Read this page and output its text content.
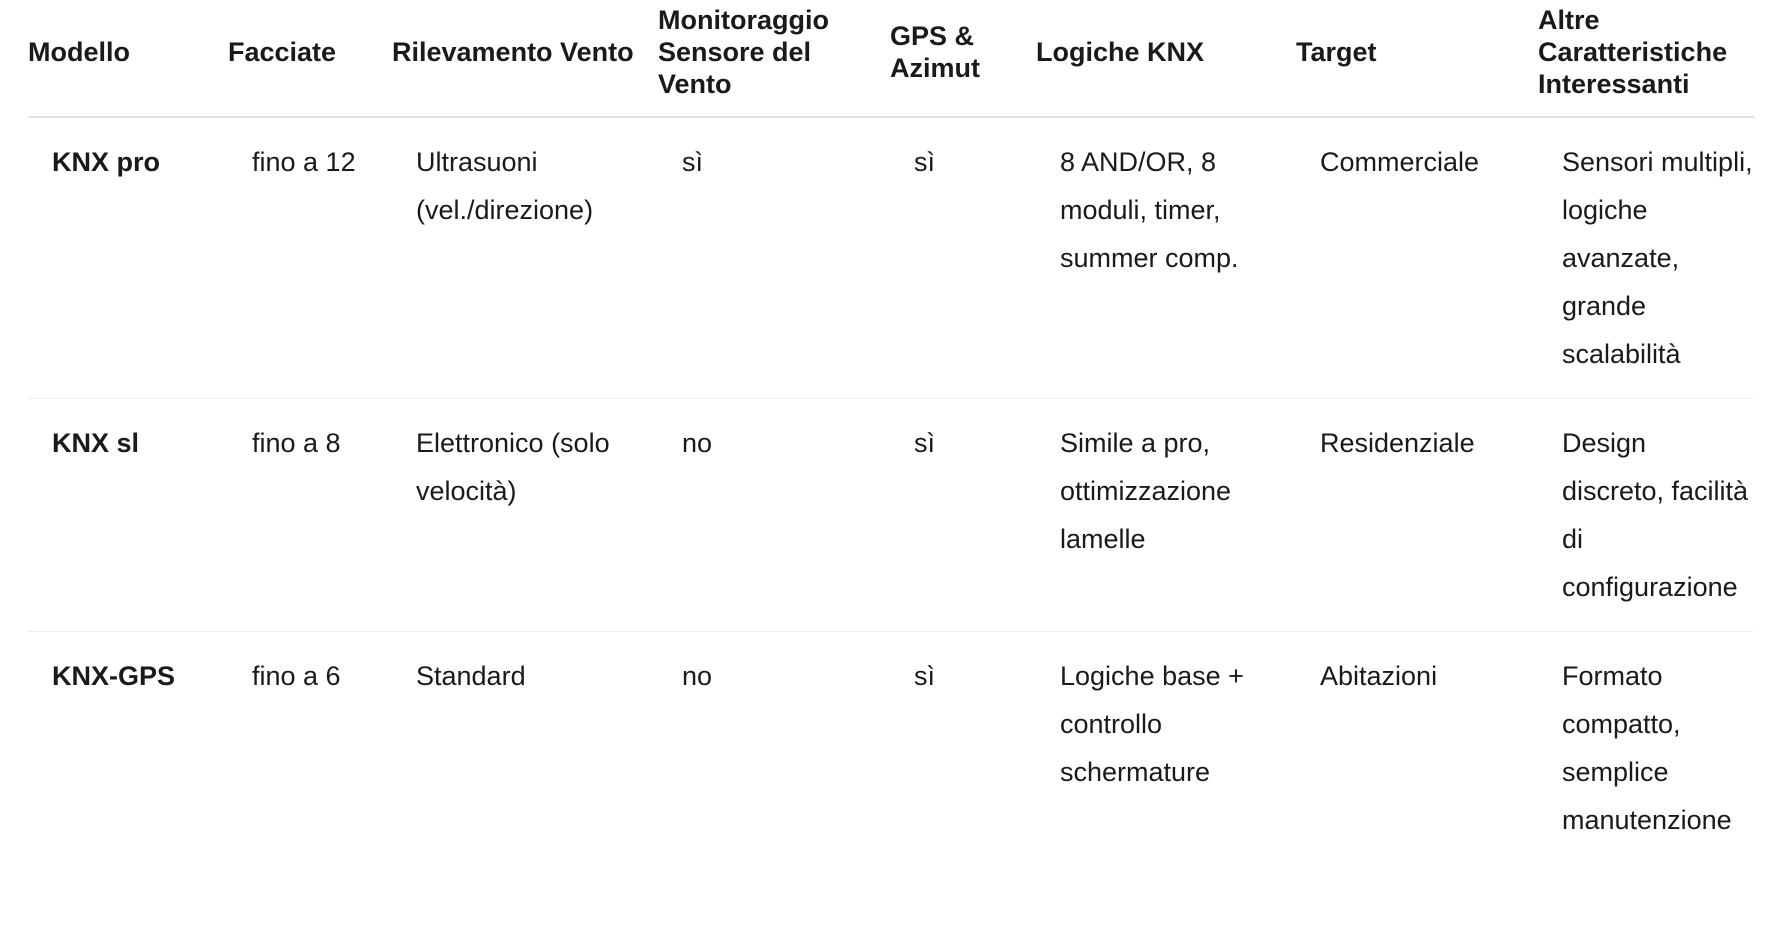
Modello	Facciate	Rilevamento Vento	Monitoraggio Sensore del Vento	GPS & Azimut	Logiche KNX	Target	Altre Caratteristiche Interessanti
KNX pro	fino a 12	Ultrasuoni (vel./direzione)	sì	sì	8 AND/OR, 8 moduli, timer, summer comp.	Commerciale	Sensori multipli, logiche avanzate, grande scalabilità
KNX sl	fino a 8	Elettronico (solo velocità)	no	sì	Simile a pro, ottimizzazione lamelle	Residenziale	Design discreto, facilità di configurazione
KNX-GPS	fino a 6	Standard	no	sì	Logiche base + controllo schermature	Abitazioni	Formato compatto, semplice manutenzione
